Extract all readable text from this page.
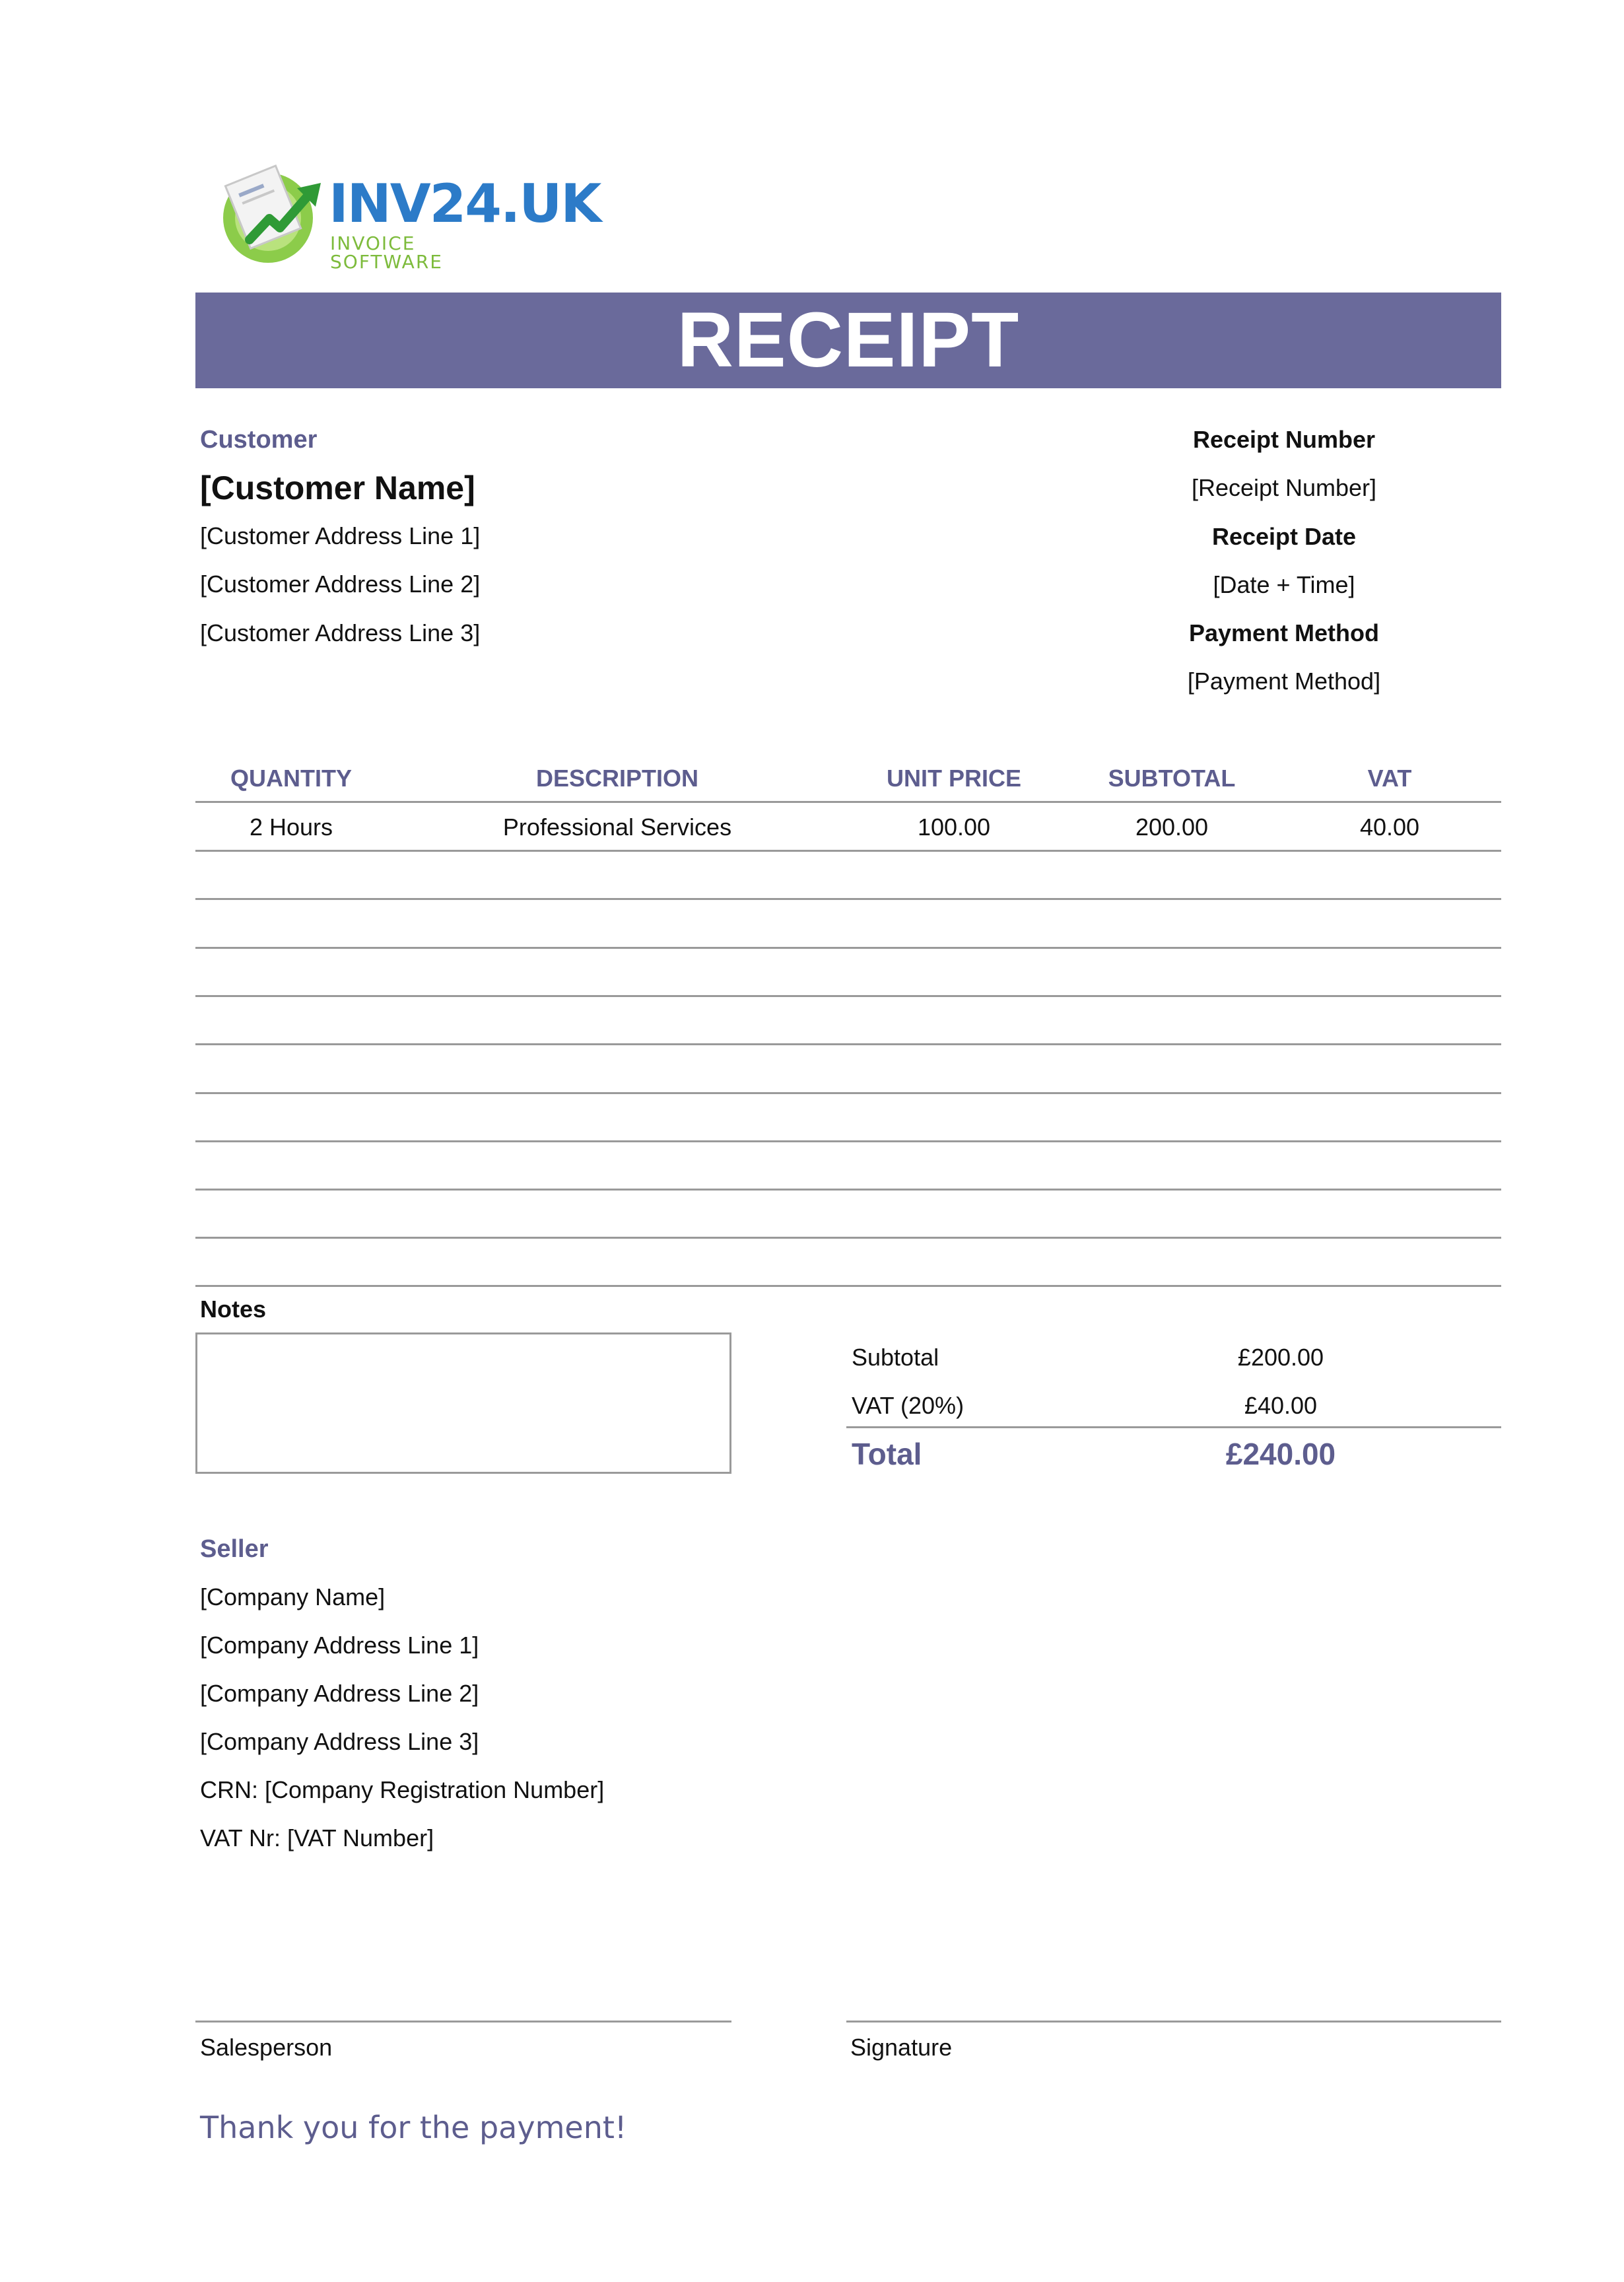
INV24.UK
INVOICE SOFTWARE
RECEIPT
Customer
[Customer Name]
[Customer Address Line 1]
[Customer Address Line 2]
[Customer Address Line 3]
Receipt Number
[Receipt Number]
Receipt Date
[Date + Time]
Payment Method
[Payment Method]
QUANTITY	DESCRIPTION	UNIT PRICE	SUBTOTAL	VAT
2 Hours	Professional Services	100.00	200.00	40.00
Notes
Subtotal	£200.00
VAT (20%)	£40.00
Total	£240.00
Seller
[Company Name]
[Company Address Line 1]
[Company Address Line 2]
[Company Address Line 3]
CRN: [Company Registration Number]
VAT Nr: [VAT Number]
Salesperson	Signature
Thank you for the payment!
